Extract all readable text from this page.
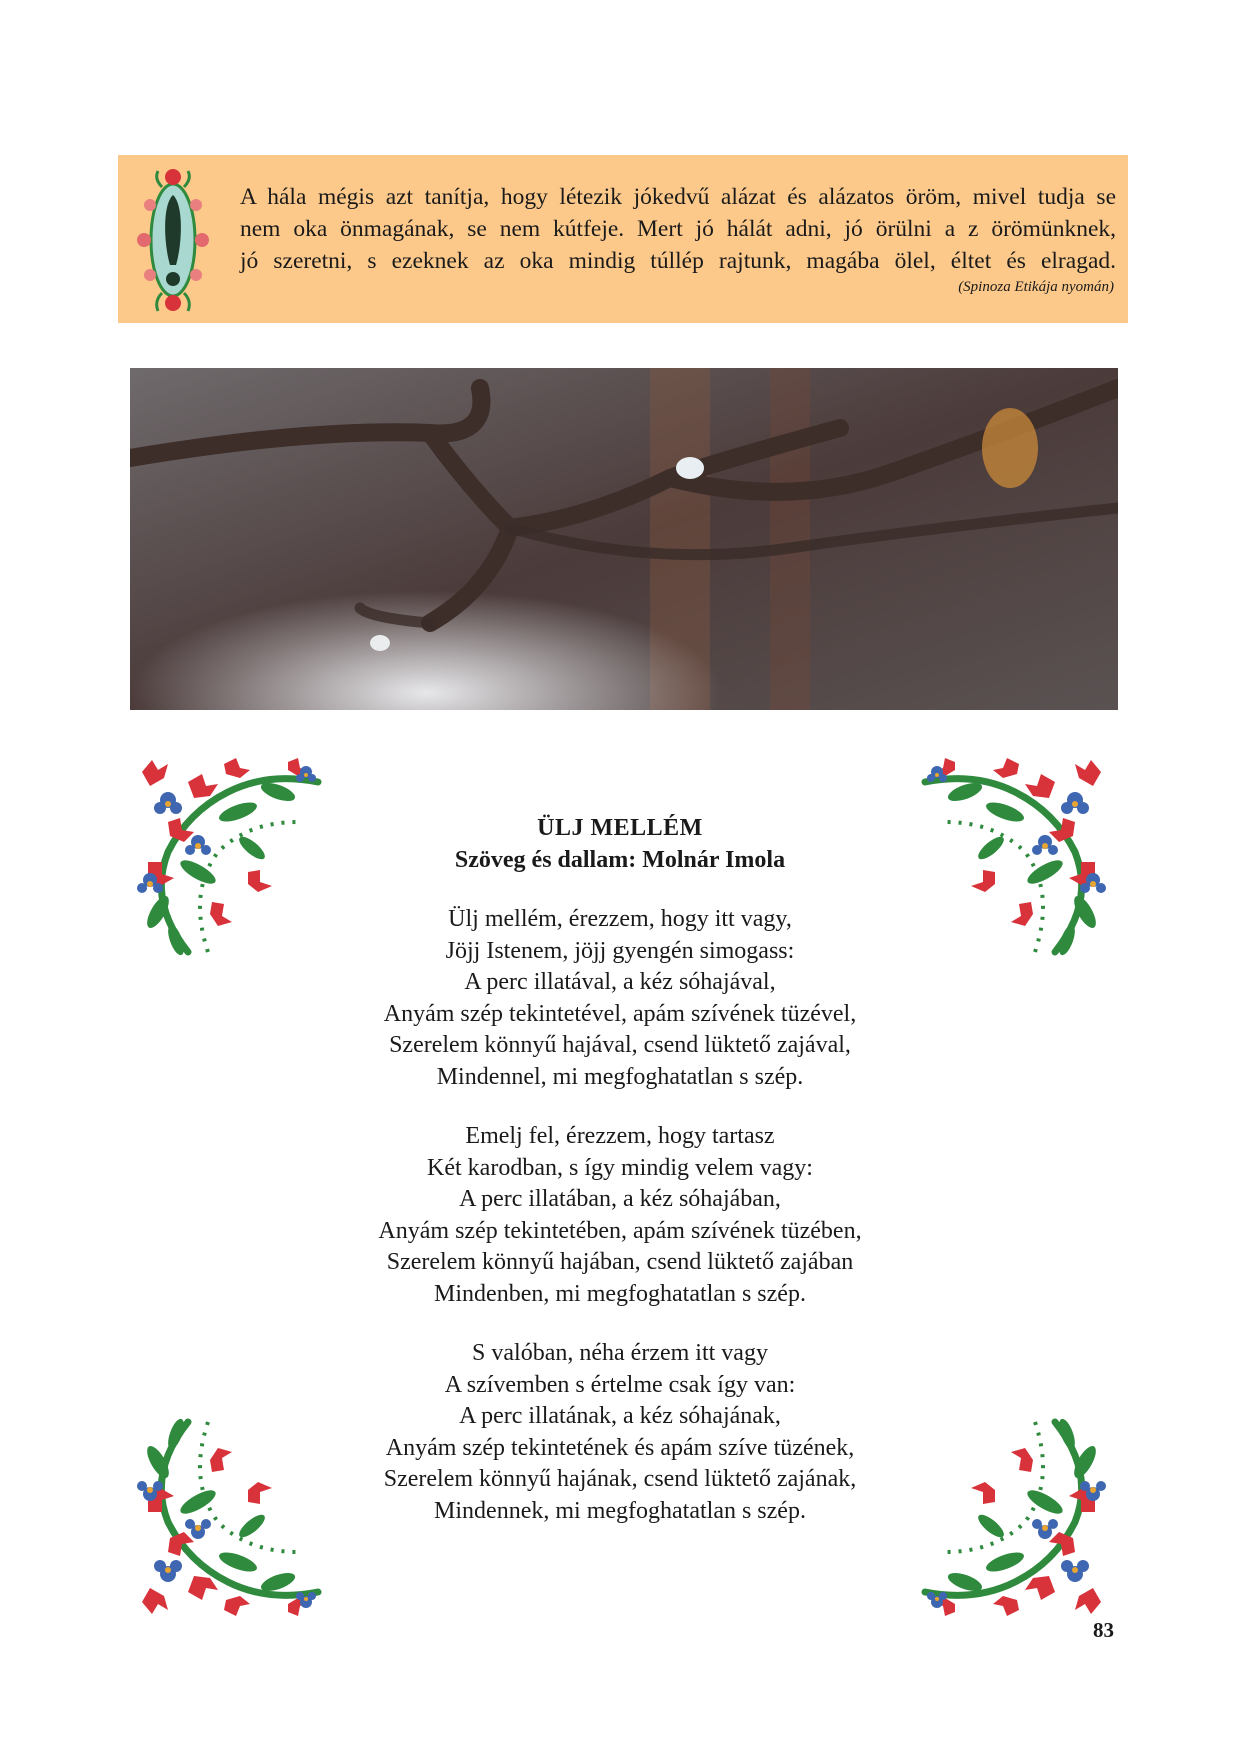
A hála mégis azt tanítja, hogy létezik jókedvű alázat és alázatos öröm, mivel tudja se

nem oka önmagának, se nem kútfeje. Mert jó hálát adni, jó örülni a z örömünknek,

jó szeretni, s ezeknek az oka mindig túllép rajtunk, magába ölel, éltet és elragad.

(Spinoza Etikája nyomán)
ÜLJ MELLÉM
Szöveg és dallam: Molnár Imola
Ülj mellém, érezzem, hogy itt vagy,
Jöjj Istenem, jöjj gyengén simogass:
A perc illatával, a kéz sóhajával,
Anyám szép tekintetével, apám szívének tüzével,
Szerelem könnyű hajával, csend lüktető zajával,
Mindennel, mi megfoghatatlan s szép.
Emelj fel, érezzem, hogy tartasz
Két karodban, s így mindig velem vagy:
A perc illatában, a kéz sóhajában,
Anyám szép tekintetében, apám szívének tüzében,
Szerelem könnyű hajában, csend lüktető zajában
Mindenben, mi megfoghatatlan s szép.
S valóban, néha érzem itt vagy
A szívemben s értelme csak így van:
A perc illatának, a kéz sóhajának,
Anyám szép tekintetének és apám szíve tüzének,
Szerelem könnyű hajának, csend lüktető zajának,
Mindennek, mi megfoghatatlan s szép.
83
